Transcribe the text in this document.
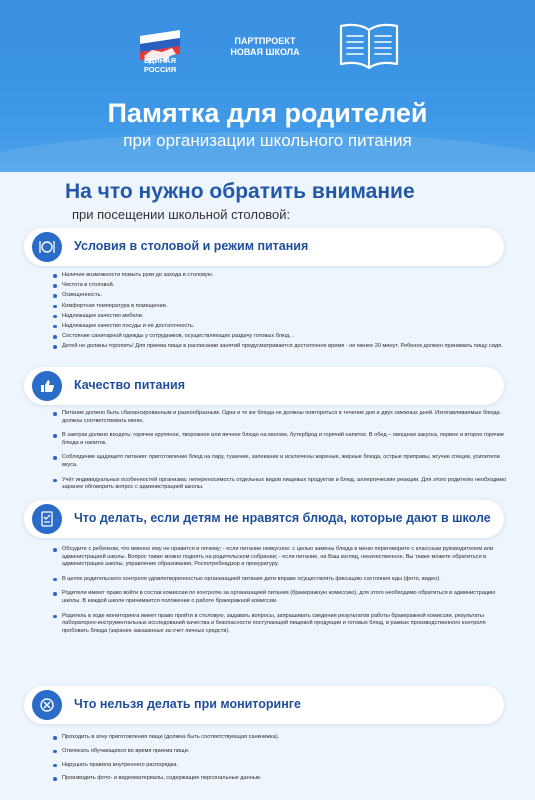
ЕДИНАЯ
РОССИЯ
ПАРТПРОЕКТ
НОВАЯ ШКОЛА
Памятка для родителей
при организации школьного питания
На что нужно обратить внимание
при посещении школьной столовой:
Условия в столовой и режим питания
Наличие возможности помыть руки до захода в столовую.
Чистота в столовой.
Освещенность.
Комфортная температура в помещении.
Надлежащее качество мебели.
Надлежащее качество посуды и её достаточность.
Состояние санитарной одежды у сотрудников, осуществляющих раздачу готовых блюд. .
Детей не должны торопить! Для приема пищи в расписании занятий предусматривается достаточное время - не менее 20 минут. Ребенок должен принимать пищу сидя.
Качество питания
Питание должно быть сбалансированным и разнообразным. Одни и те же блюда не должны повторяться в течение дня и двух смежных дней. Изготавливаемые блюда должны соответствовать меню.
В завтрак должно входить: горячее крупяное, творожное или яичное блюдо на молоке, бутерброд и горячий напиток. В обед – овощная закуска, первое и второе горячие блюда и напиток.
Соблюдение щадящего питания: приготовление блюд на пару, тушение, запекание и исключены жареные, жирные блюда, острые приправы, жгучие специи, усилители вкуса.
Учёт индивидуальных особенностей организма: непереносимость отдельных видов пищевых продуктов и блюд, аллергические реакции. Для этого родителю необходимо заранее обговорить вопрос с администрацией школы.
Что делать, если детям не нравятся блюда, которые дают в школе
Обсудите с ребенком, что именно ему не нравится и почему; - если питание невкусное: с целью замены блюда в меню переговорите с классным руководителем или администрацией школы. Вопрос также можно поднять на родительском собрании; - если питание, на Ваш взгляд, некачественное, Вы также можете обратиться в администрацию школы, управление образования, Роспотребнадзор и прокуратуру.
В целях родительского контроля удовлетворенностью организацией питания дети вправе осуществлять фиксацию состояния еды (фото, видео).
Родители имеют право войти в состав комиссии по контролю за организацией питания (бракеражную комиссию), для этого необходимо обратиться в администрацию школы. В каждой школе принимается положение о работе бракеражной комиссии.
Родитель в ходе мониторинга имеет право пройти в столовую, задавать вопросы, запрашивать сведения результатов работы бракеражной комиссии, результаты лабораторно-инструментальных исследований качества и безопасности поступающей пищевой продукции и готовых блюд, в рамках производственного контроля пробовать блюда (заранее заказанные за счет личных средств).
Что нельзя делать при мониторинге
Проходить в зону приготовления пищи (должна быть соответствующая санкнижка).
Отвлекать обучающихся во время приема пищи.
Нарушать правила внутреннего распорядка.
Производить фото- и видеоматериалы, содержащие персональные данные.
